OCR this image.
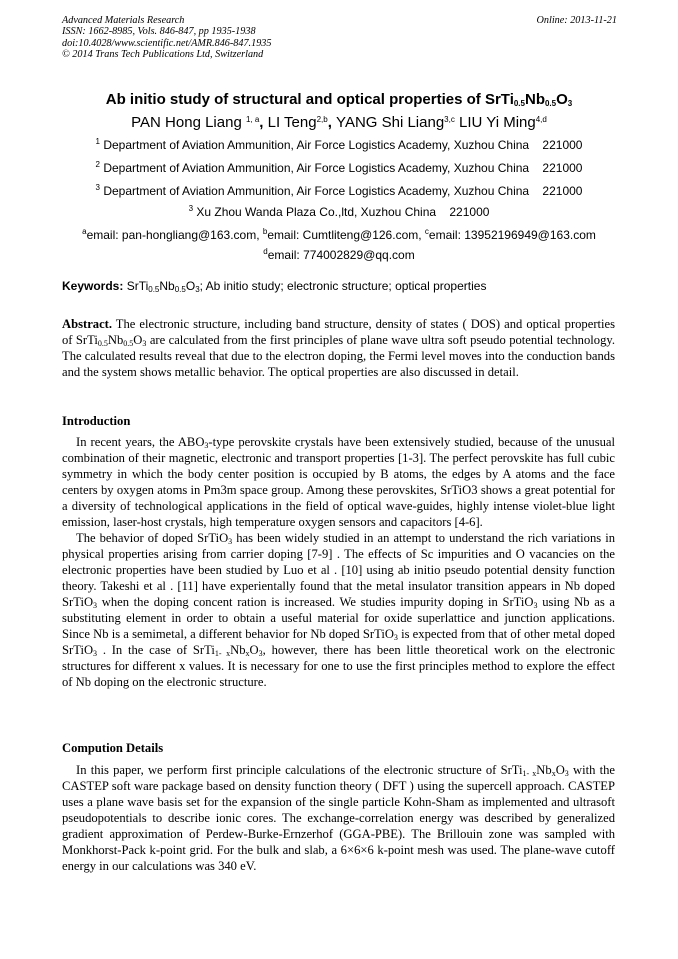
Advanced Materials Research
ISSN: 1662-8985, Vols. 846-847, pp 1935-1938
doi:10.4028/www.scientific.net/AMR.846-847.1935
© 2014 Trans Tech Publications Ltd, Switzerland
Online: 2013-11-21
Ab initio study of structural and optical properties of $SrTi_{0.5}Nb_{0.5}O_3$
PAN Hong Liang $^{1, a}$, LI Teng$^{2,b}$, YANG Shi Liang$^{3,c}$ LIU Yi Ming$^{4,d}$
$^1$ Department of Aviation Ammunition, Air Force Logistics Academy, Xuzhou China    221000
$^2$ Department of Aviation Ammunition, Air Force Logistics Academy, Xuzhou China    221000
$^3$ Department of Aviation Ammunition, Air Force Logistics Academy, Xuzhou China    221000
$^3$ Xu Zhou Wanda Plaza Co.,ltd, Xuzhou China    221000
$^a$email: pan-hongliang@163.com, $^b$email: Cumtliteng@126.com, $^c$email: 13952196949@163.com
$^d$email: 774002829@qq.com
Keywords: $SrTi_{0.5}Nb_{0.5}O_3$; Ab initio study; electronic structure; optical properties

Abstract. The electronic structure, including band structure, density of states ( DOS) and optical properties of $SrTi_{0.5}Nb_{0.5}O_3$ are calculated from the first principles of plane wave ultra soft pseudo potential technology. The calculated results reveal that due to the electron doping, the Fermi level moves into the conduction bands and the system shows metallic behavior. The optical properties are also discussed in detail.

Introduction

In recent years, the $ABO_3$-type perovskite crystals have been extensively studied, because of the unusual combination of their magnetic, electronic and transport properties [1-3]. The perfect perovskite has full cubic symmetry in which the body center position is occupied by B atoms, the edges by A atoms and the face centers by oxygen atoms in Pm3m space group. Among these perovskites, SrTiO3 shows a great potential for a diversity of technological applications in the field of optical wave-guides, highly intense violet-blue light emission, laser-host crystals, high temperature oxygen sensors and capacitors [4-6].

The behavior of doped SrTiO$_3$ has been widely studied in an attempt to understand the rich variations in physical properties arising from carrier doping [7-9] . The effects of Sc impurities and O vacancies on the electronic properties have been studied by Luo et al . [10] using ab initio pseudo potential density function theory. Takeshi et al . [11] have experientally found that the metal insulator transition appears in Nb doped SrTiO$_3$ when the doping concent ration is increased. We studies impurity doping in SrTiO$_3$ using Nb as a substituting element in order to obtain a useful material for oxide superlattice and junction applications. Since Nb is a semimetal, a different behavior for Nb doped SrTiO$_3$ is expected from that of other metal doped SrTiO$_3$ . In the case of $SrTi_{1- x}Nb_xO_3$, however, there has been little theoretical work on the electronic structures for different x values. It is necessary for one to use the first principles method to explore the effect of Nb doping on the electronic structure.

Compution Details

In this paper, we perform first principle calculations of the electronic structure of $SrTi_{1- x}Nb_xO_3$ with the CASTEP soft ware package based on density function theory ( DFT ) using the supercell approach. CASTEP uses a plane wave basis set for the expansion of the single particle Kohn-Sham as implemented and ultrasoft pseudopotentials to describe ionic cores. The exchange-correlation energy was described by generalized gradient approximation of Perdew-Burke-Ernzerhof (GGA-PBE). The Brillouin zone was sampled with Monkhorst-Pack k-point grid. For the bulk and slab, a 6×6×6 k-point mesh was used. The plane-wave cutoff energy in our calculations was 340 eV.
